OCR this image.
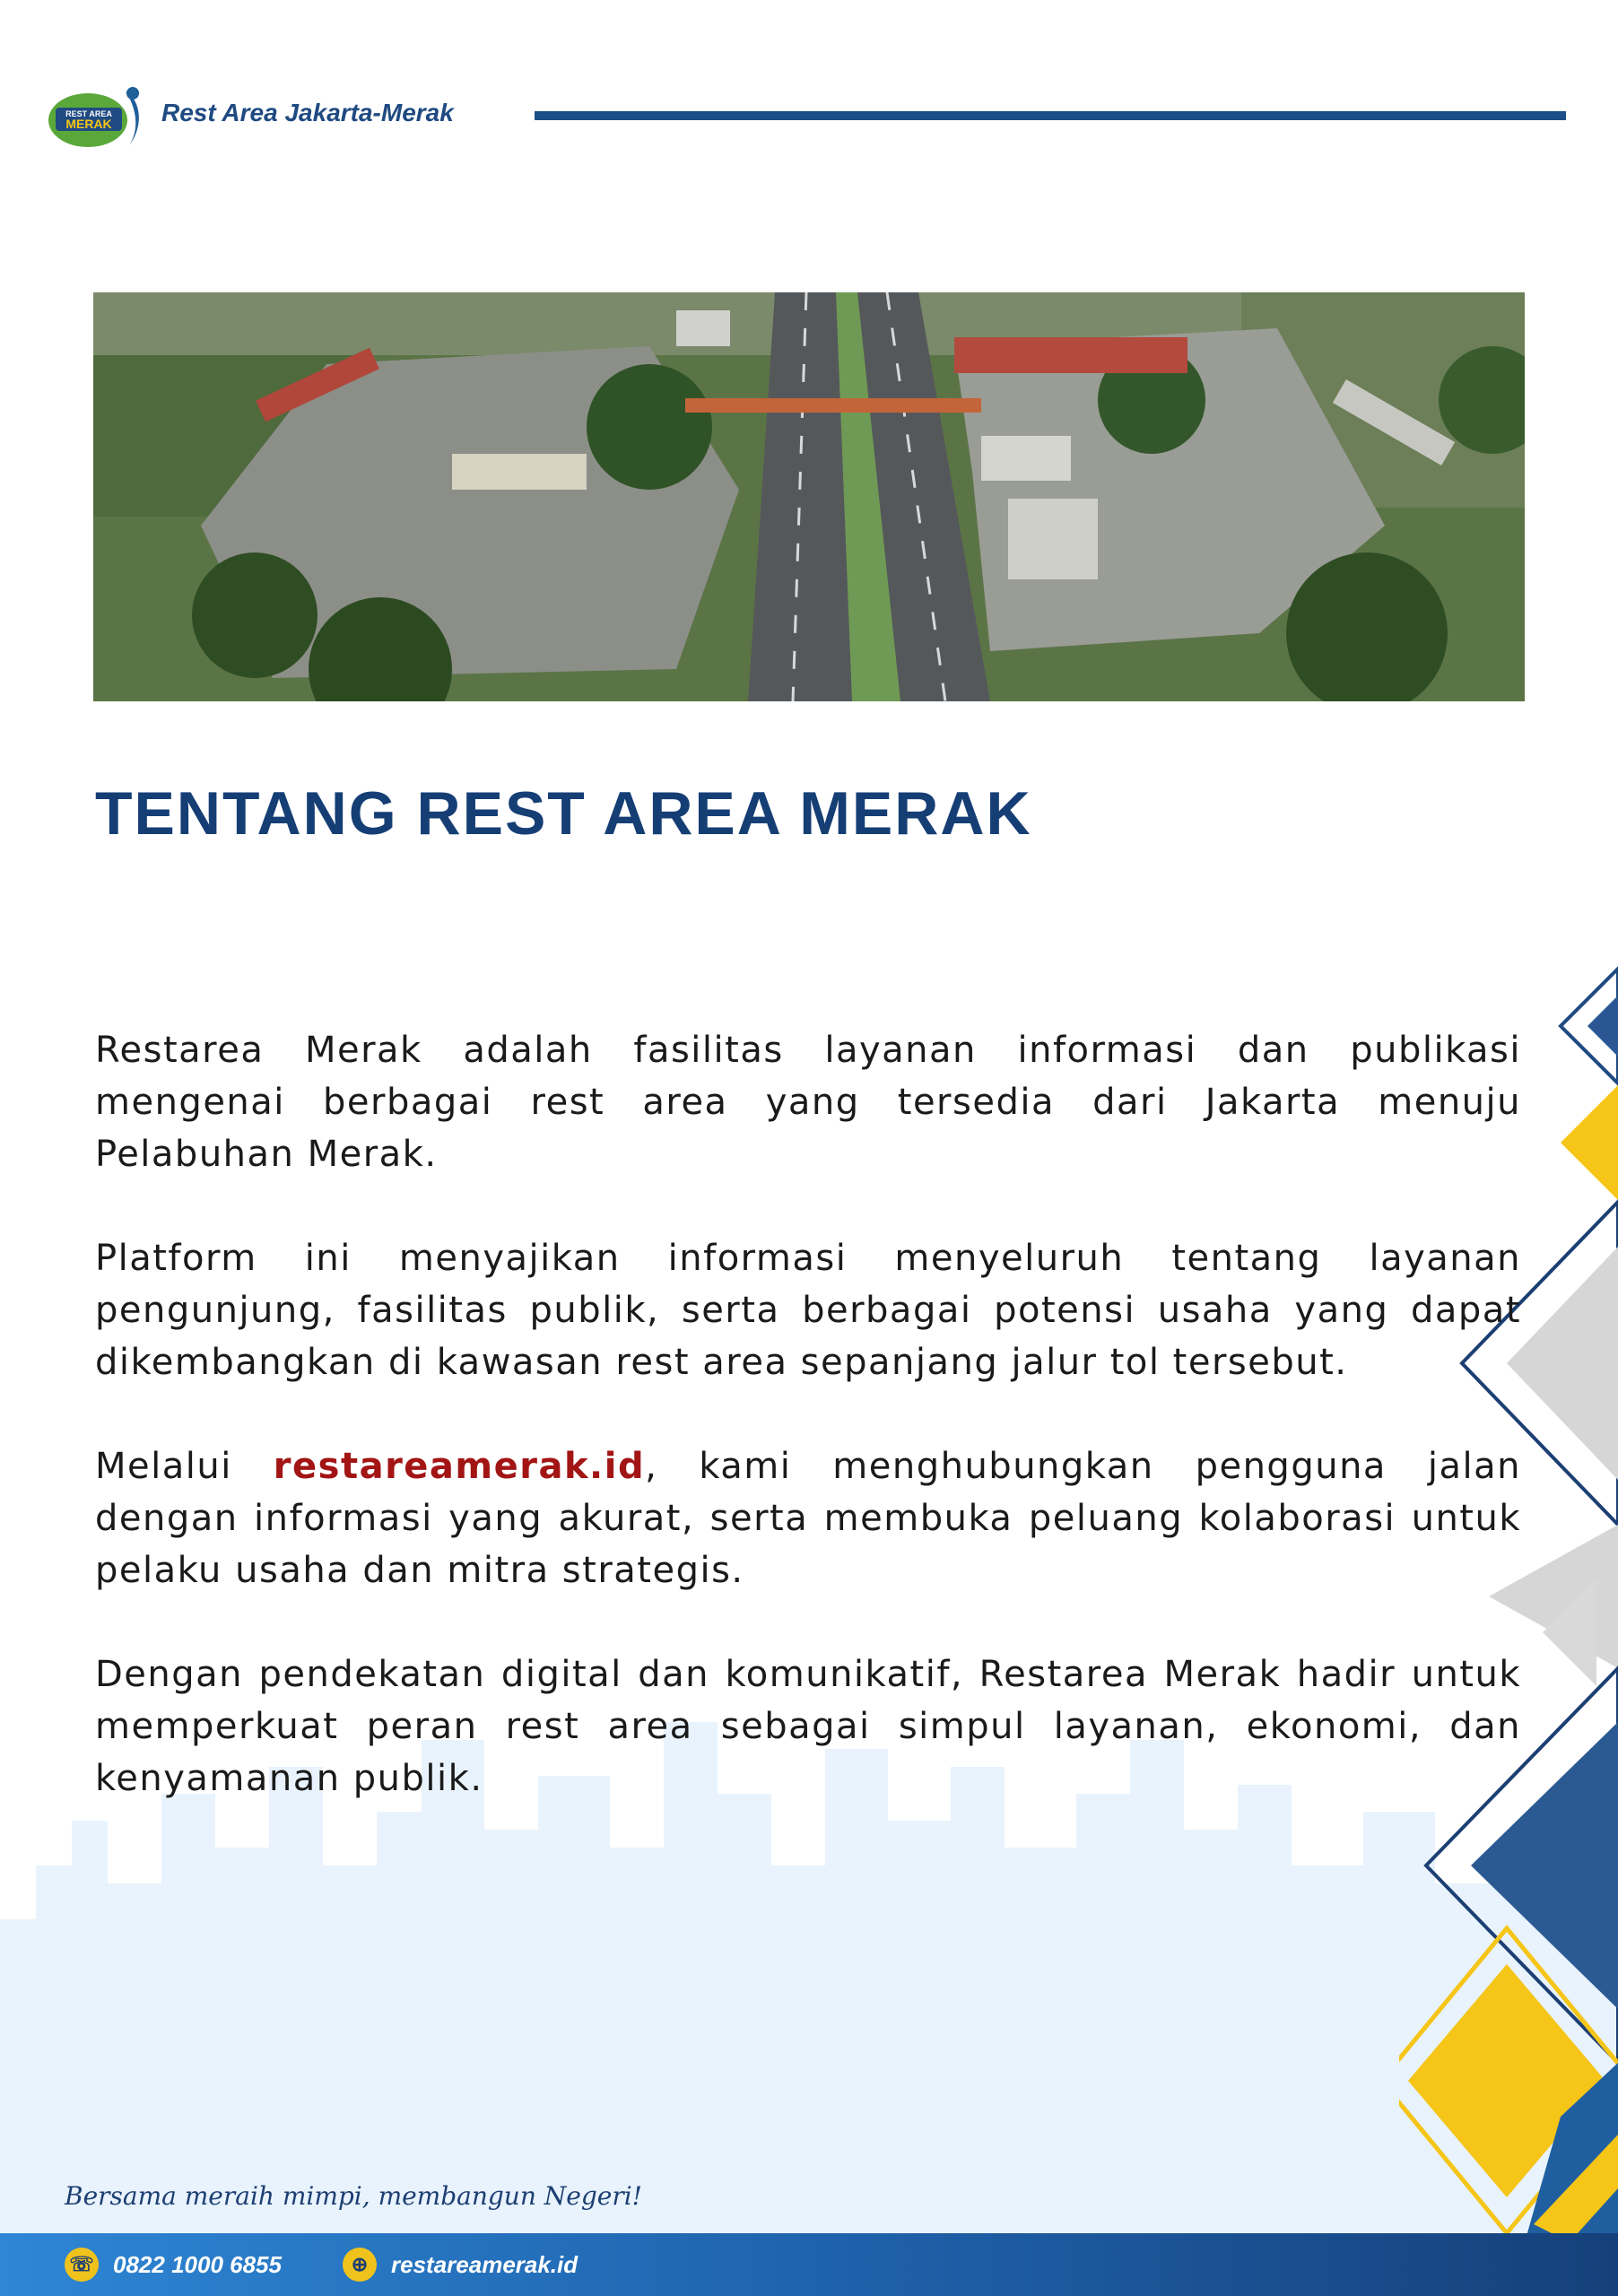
REST AREA
MERAK Rest Area Jakarta-Merak
TENTANG REST AREA MERAK

Restarea Merak adalah fasilitas layanan informasi dan publikasi mengenai berbagai rest area yang tersedia dari Jakarta menuju Pelabuhan Merak.

Platform ini menyajikan informasi menyeluruh tentang layanan pengunjung, fasilitas publik, serta berbagai potensi usaha yang dapat dikembangkan di kawasan rest area sepanjang jalur tol tersebut.

Melalui restareamerak.id, kami menghubungkan pengguna jalan dengan informasi yang akurat, serta membuka peluang kolaborasi untuk pelaku usaha dan mitra strategis.

Dengan pendekatan digital dan komunikatif, Restarea Merak hadir untuk memperkuat peran rest area sebagai simpul layanan, ekonomi, dan kenyamanan publik.

Bersama meraih mimpi, membangun Negeri!
☏ 0822 1000 6855	⊕ restareamerak.id
